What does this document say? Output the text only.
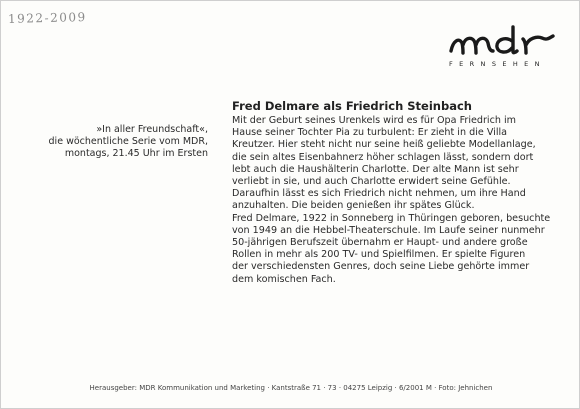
1922-2009
FERNSEHEN
»In aller Freundschaft«,
die wöchentliche Serie vom MDR,
montags, 21.45 Uhr im Ersten
Fred Delmare als Friedrich Steinbach
Mit der Geburt seines Urenkels wird es für Opa Friedrich im
Hause seiner Tochter Pia zu turbulent: Er zieht in die Villa
Kreutzer. Hier steht nicht nur seine heiß geliebte Modellanlage,
die sein altes Eisenbahnerz höher schlagen lässt, sondern dort
lebt auch die Haushälterin Charlotte. Der alte Mann ist sehr
verliebt in sie, und auch Charlotte erwidert seine Gefühle.
Daraufhin lässt es sich Friedrich nicht nehmen, um ihre Hand
anzuhalten. Die beiden genießen ihr spätes Glück.
Fred Delmare, 1922 in Sonneberg in Thüringen geboren, besuchte
von 1949 an die Hebbel-Theaterschule. Im Laufe seiner nunmehr
50-jährigen Berufszeit übernahm er Haupt- und andere große
Rollen in mehr als 200 TV- und Spielfilmen. Er spielte Figuren
der verschiedensten Genres, doch seine Liebe gehörte immer
dem komischen Fach.
Herausgeber: MDR Kommunikation und Marketing · Kantstraße 71 · 73 · 04275 Leipzig · 6/2001 M · Foto: Jehnichen
